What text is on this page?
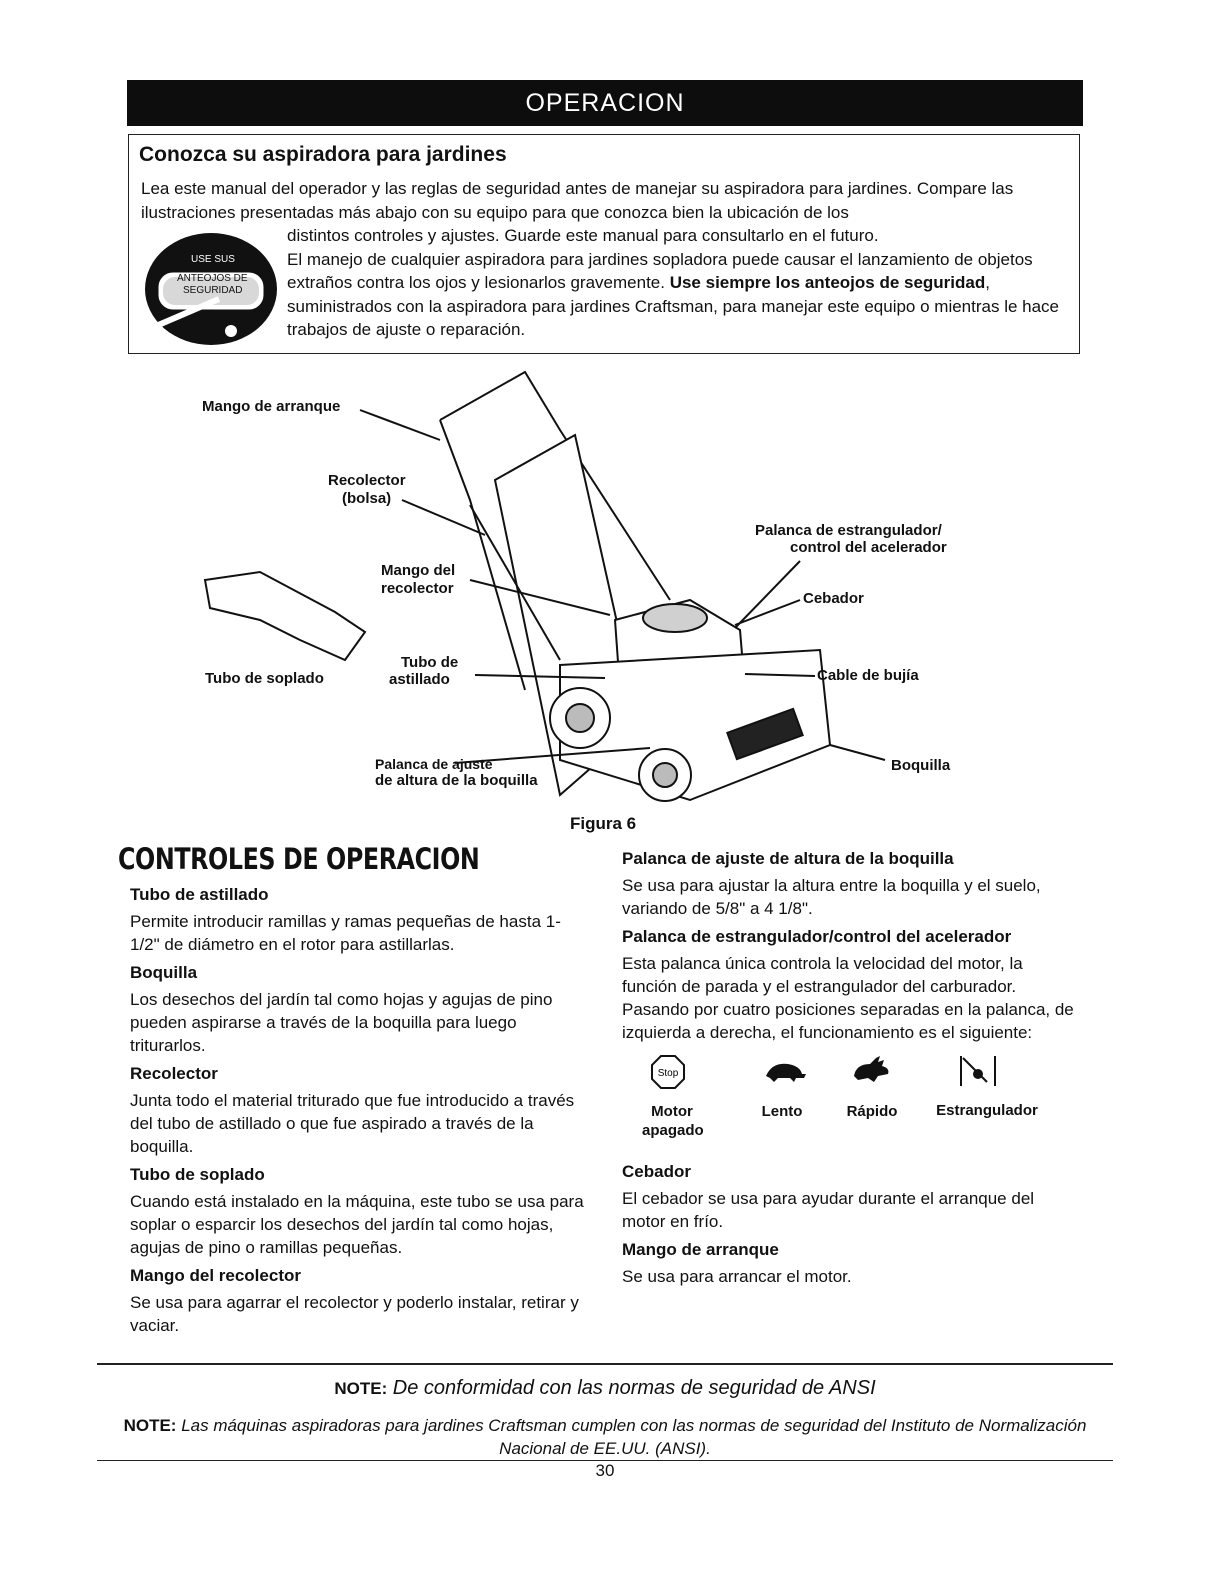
OPERACION
Conozca su aspiradora para jardines
Lea este manual del operador y las reglas de seguridad antes de manejar su aspiradora para jardines. Compare las ilustraciones presentadas más abajo con su equipo para que conozca bien la ubicación de los
USE SUS
ANTEOJOS DE
SEGURIDAD
distintos controles y ajustes. Guarde este manual para consultarlo en el futuro.
El manejo de cualquier aspiradora para jardines sopladora puede causar el lanzamiento de objetos extraños contra los ojos y lesionarlos gravemente. Use siempre los anteojos de seguridad, suministrados con la aspiradora para jardines Craftsman, para manejar este equipo o mientras le hace trabajos de ajuste o reparación.
Mango de arranque
Recolector
(bolsa)
Mango del
recolector
Tubo de
astillado
Tubo de soplado
Palanca de ajuste
de altura de la boquilla
Palanca de estrangulador/
control del acelerador
Cebador
Cable de bujía
Boquilla
Figura 6
CONTROLES DE OPERACION

Tubo de astillado

Permite introducir ramillas y ramas pequeñas de hasta 1-1/2" de diámetro en el rotor para astillarlas.

Boquilla

Los desechos del jardín tal como hojas y agujas de pino pueden aspirarse a través de la boquilla para luego triturarlos.

Recolector

Junta todo el material triturado que fue introducido a través del tubo de astillado o que fue aspirado a través de la boquilla.

Tubo de soplado

Cuando está instalado en la máquina, este tubo se usa para soplar o esparcir los desechos del jardín tal como hojas, agujas de pino o ramillas pequeñas.

Mango del recolector

Se usa para agarrar el recolector y poderlo instalar, retirar y vaciar.

Palanca de ajuste de altura de la boquilla

Se usa para ajustar la altura entre la boquilla y el suelo, variando de 5/8" a 4 1/8".

Palanca de estrangulador/control del acelerador

Esta palanca única controla la velocidad del motor, la función de parada y el estrangulador del carburador. Pasando por cuatro posiciones separadas en la palanca, de izquierda a derecha, el funcionamiento es el siguiente:

Stop
Motor
apagado
Lento	Rápido	Estrangulador

Cebador

El cebador se usa para ayudar durante el arranque del motor en frío.

Mango de arranque

Se usa para arrancar el motor.

NOTE: De conformidad con las normas de seguridad de ANSI
NOTE: Las máquinas aspiradoras para jardines Craftsman cumplen con las normas de seguridad del Instituto de Normalización Nacional de EE.UU. (ANSI).
30
